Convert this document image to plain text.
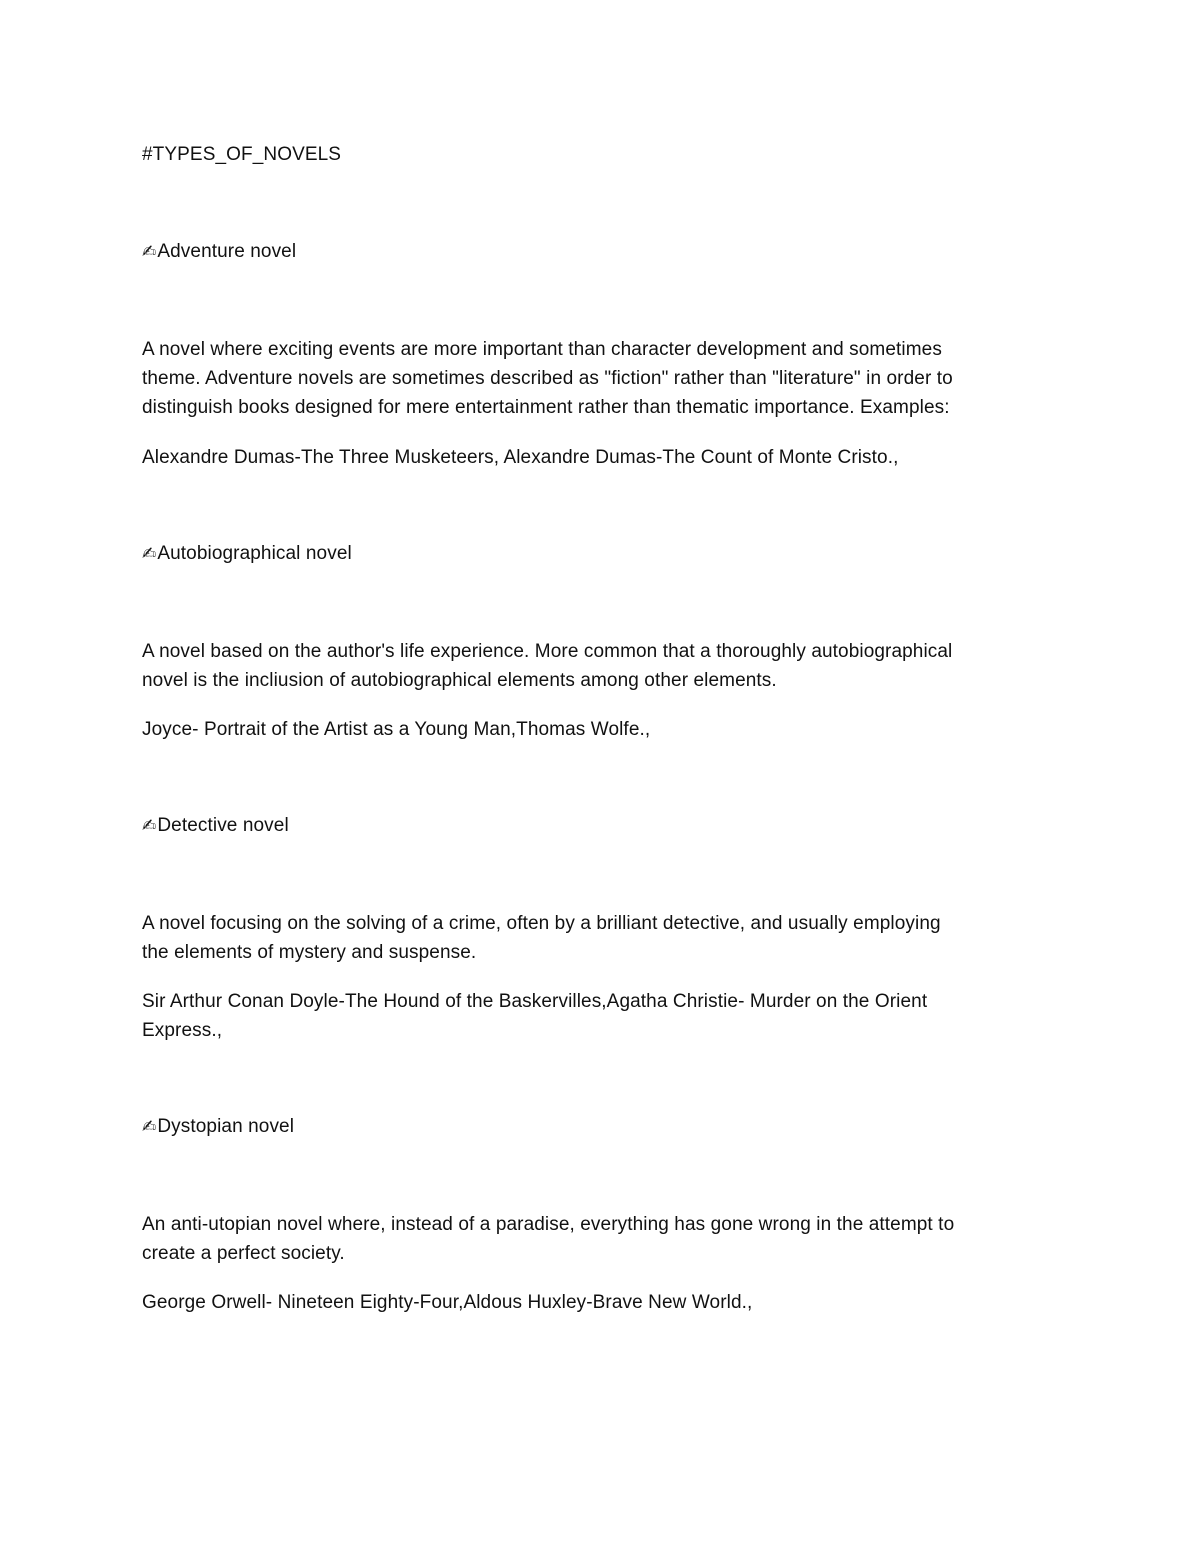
#TYPES_OF_NOVELS
✍Adventure novel
A novel where exciting events are more important than character development and sometimes
theme. Adventure novels are sometimes described as "fiction" rather than "literature" in order to
distinguish books designed for mere entertainment rather than thematic importance. Examples:
Alexandre Dumas-The Three Musketeers, Alexandre Dumas-The Count of Monte Cristo.,
✍Autobiographical novel
A novel based on the author's life experience. More common that a thoroughly autobiographical
novel is the incliusion of autobiographical elements among other elements.
Joyce- Portrait of the Artist as a Young Man,Thomas Wolfe.,
✍Detective novel
A novel focusing on the solving of a crime, often by a brilliant detective, and usually employing
the elements of mystery and suspense.
Sir Arthur Conan Doyle-The Hound of the Baskervilles,Agatha Christie- Murder on the Orient
Express.,
✍Dystopian novel
An anti-utopian novel where, instead of a paradise, everything has gone wrong in the attempt to
create a perfect society.
George Orwell- Nineteen Eighty-Four,Aldous Huxley-Brave New World.,
